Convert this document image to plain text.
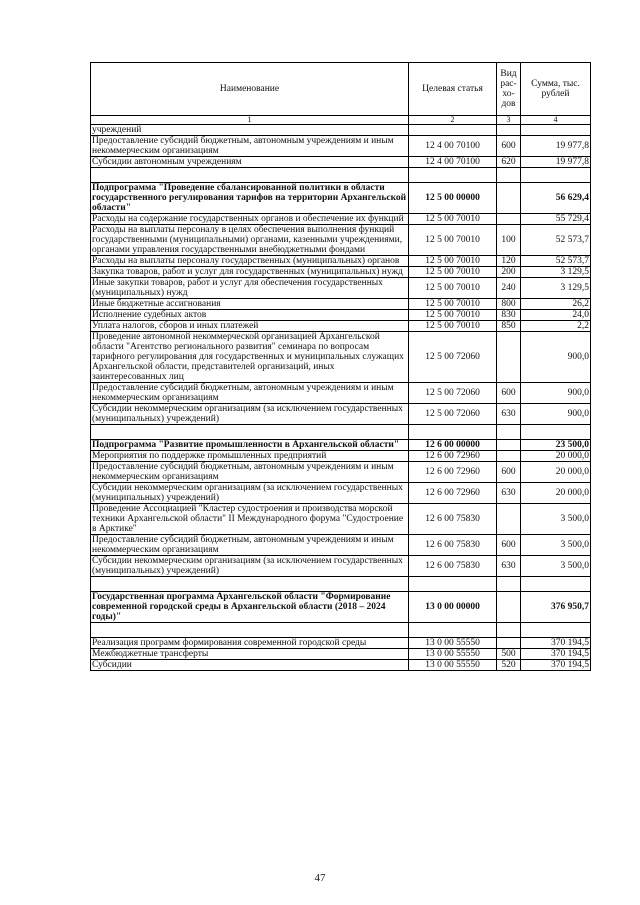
Наименование	Целевая статья	Вид рас-хо-дов	Сумма, тыс. рублей
1	2	3	4
учреждений			
Предоставление субсидий бюджетным, автономным учреждениям и иным некоммерческим организациям	12 4 00 70100	600	19 977,8
Субсидии автономным учреждениям	12 4 00 70100	620	19 977,8

Подпрограмма "Проведение сбалансированной политики в области государственного регулирования тарифов на территории Архангельской области"	12 5 00 00000		56 629,4
Расходы на содержание государственных органов и обеспечение их функций	12 5 00 70010		55 729,4
Расходы на выплаты персоналу в целях обеспечения выполнения функций государственными (муниципальными) органами, казенными учреждениями, органами управления государственными внебюджетными фондами	12 5 00 70010	100	52 573,7
Расходы на выплаты персоналу государственных (муниципальных) органов	12 5 00 70010	120	52 573,7
Закупка товаров, работ и услуг для государственных (муниципальных) нужд	12 5 00 70010	200	3 129,5
Иные закупки товаров, работ и услуг для обеспечения государственных (муниципальных) нужд	12 5 00 70010	240	3 129,5
Иные бюджетные ассигнования	12 5 00 70010	800	26,2
Исполнение судебных актов	12 5 00 70010	830	24,0
Уплата налогов, сборов и иных платежей	12 5 00 70010	850	2,2
Проведение автономной некоммерческой организацией Архангельской области "Агентство регионального развития" семинара по вопросам тарифного регулирования для государственных и муниципальных служащих Архангельской области, представителей организаций, иных заинтересованных лиц	12 5 00 72060		900,0
Предоставление субсидий бюджетным, автономным учреждениям и иным некоммерческим организациям	12 5 00 72060	600	900,0
Субсидии некоммерческим организациям (за исключением государственных (муниципальных) учреждений)	12 5 00 72060	630	900,0

Подпрограмма "Развитие промышленности в Архангельской области"	12 6 00 00000		23 500,0
Мероприятия по поддержке промышленных предприятий	12 6 00 72960		20 000,0
Предоставление субсидий бюджетным, автономным учреждениям и иным некоммерческим организациям	12 6 00 72960	600	20 000,0
Субсидии некоммерческим организациям (за исключением государственных (муниципальных) учреждений)	12 6 00 72960	630	20 000,0
Проведение Ассоциацией "Кластер судостроения и производства морской техники Архангельской области" II Международного форума "Судостроение в Арктике"	12 6 00 75830		3 500,0
Предоставление субсидий бюджетным, автономным учреждениям и иным некоммерческим организациям	12 6 00 75830	600	3 500,0
Субсидии некоммерческим организациям (за исключением государственных (муниципальных) учреждений)	12 6 00 75830	630	3 500,0

Государственная программа Архангельской области "Формирование современной городской среды в Архангельской области (2018 – 2024 годы)"	13 0 00 00000		376 950,7

Реализация программ формирования современной городской среды	13 0 00 55550		370 194,5
Межбюджетные трансферты	13 0 00 55550	500	370 194,5
Субсидии	13 0 00 55550	520	370 194,5
47
